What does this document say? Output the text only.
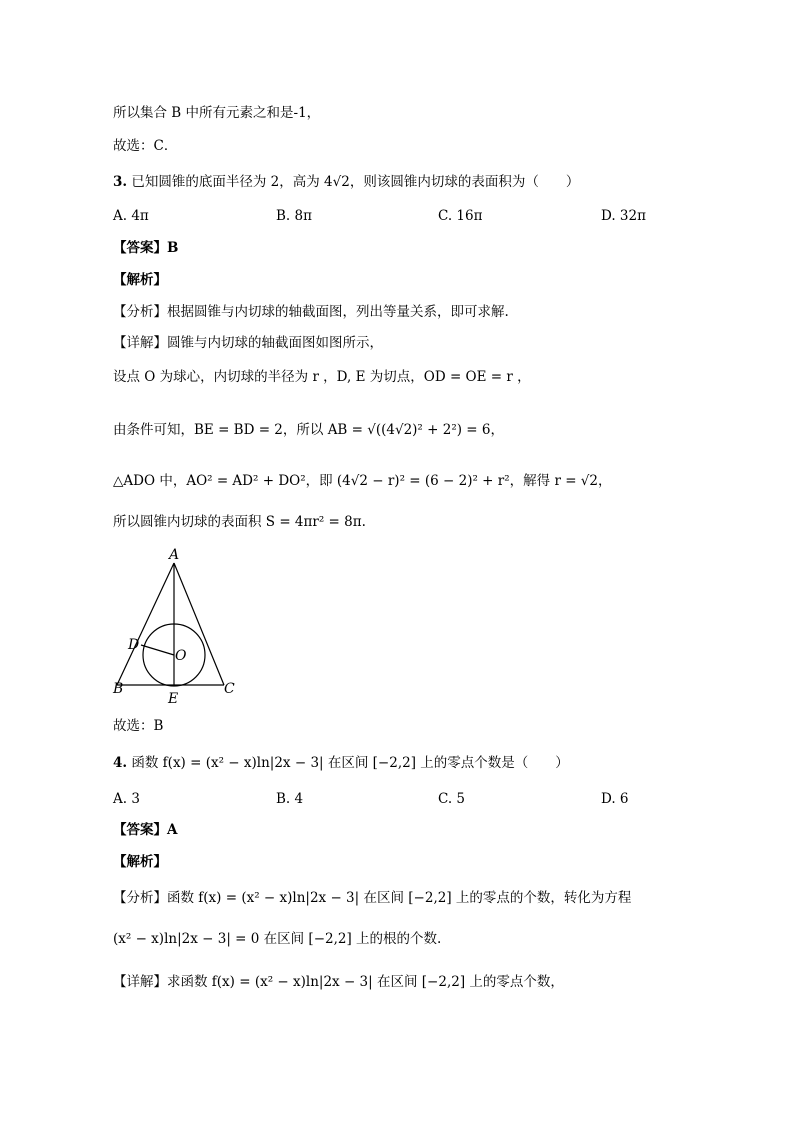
所以集合 B 中所有元素之和是-1，
故选：C．
3. 已知圆锥的底面半径为 2，高为 4√2，则该圆锥内切球的表面积为（　　）
A. 4π	B. 8π	C. 16π	D. 32π
【答案】B
【解析】
【分析】根据圆锥与内切球的轴截面图，列出等量关系，即可求解.
【详解】圆锥与内切球的轴截面图如图所示，
设点 O 为球心，内切球的半径为 r ，D, E 为切点，OD = OE = r ，
由条件可知，BE = BD = 2，所以 AB = √((4√2)² + 2²) = 6，
△ADO 中，AO² = AD² + DO²，即 (4√2 − r)² = (6 − 2)² + r²，解得 r = √2，
所以圆锥内切球的表面积 S = 4πr² = 8π.
A
B	C
D
E
O
故选：B
4. 函数 f(x) = (x² − x)ln|2x − 3| 在区间 [−2,2] 上的零点个数是（　　）
A. 3	B. 4	C. 5	D. 6
【答案】A
【解析】
【分析】函数 f(x) = (x² − x)ln|2x − 3| 在区间 [−2,2] 上的零点的个数，转化为方程
(x² − x)ln|2x − 3| = 0 在区间 [−2,2] 上的根的个数.
【详解】求函数 f(x) = (x² − x)ln|2x − 3| 在区间 [−2,2] 上的零点个数，
